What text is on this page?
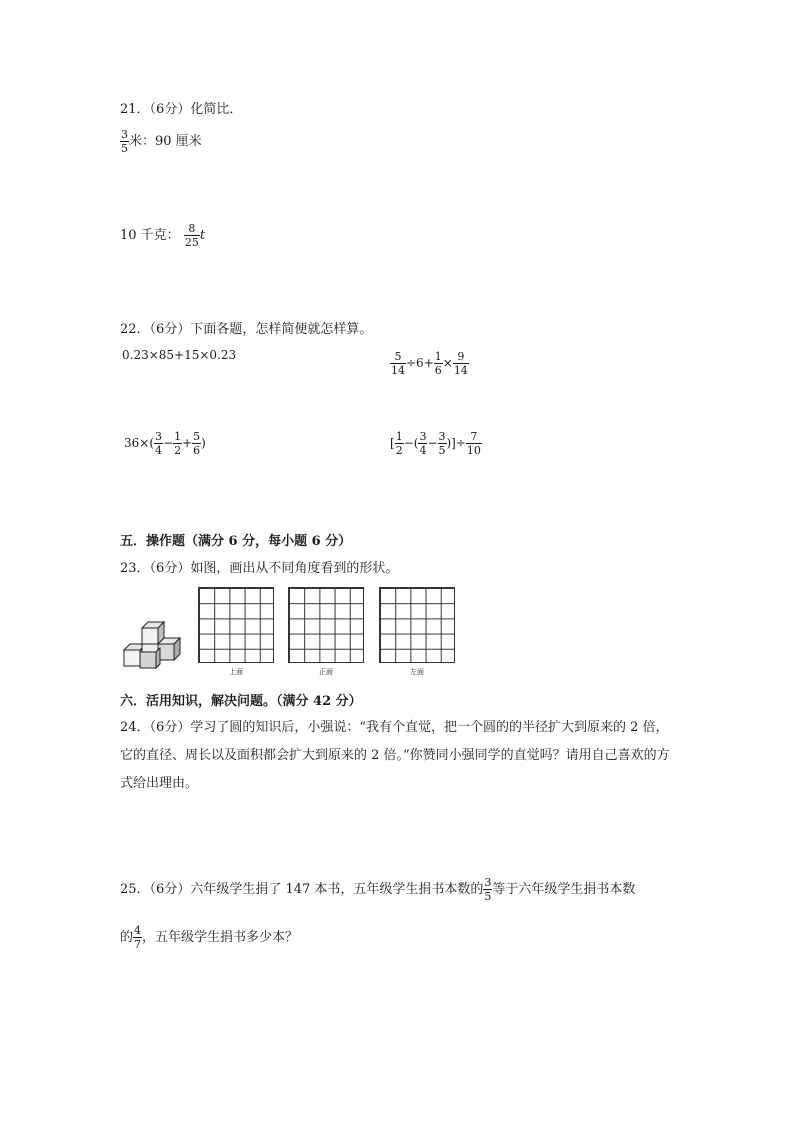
21．（6分）化简比．
$\frac{3}{5}$ 米：90 厘米
10 千克： $\frac{8}{25}$ t
22．（6分）下面各题，怎样简便就怎样算。
0.23×85+15×0.23	$\frac{5}{14} \div 6+ \frac{1}{6} \times \frac{9}{14}$
$36\times( \frac{3}{4} - \frac{1}{2} + \frac{5}{6}$ )	[ $\frac{1}{2}$ −( $\frac{3}{4} - \frac{3}{5}$ )]÷ $\frac{7}{10}$
五．操作题（满分 6 分，每小题 6 分）
23．（6分）如图，画出从不同角度看到的形状。
上面	正面	左面
六．活用知识，解决问题。（满分 42 分）
24．（6分）学习了圆的知识后，小强说：“我有个直觉，把一个圆的的半径扩大到原来的 2 倍，它的直径、周长以及面积都会扩大到原来的 2 倍。”你赞同小强同学的直觉吗？请用自己喜欢的方式给出理由。
25．（6分）六年级学生捐了 147 本书，五年级学生捐书本数的 $\frac{3}{5}$ 等于六年级学生捐书本数
的 $\frac{4}{7}$ ，五年级学生捐书多少本？
